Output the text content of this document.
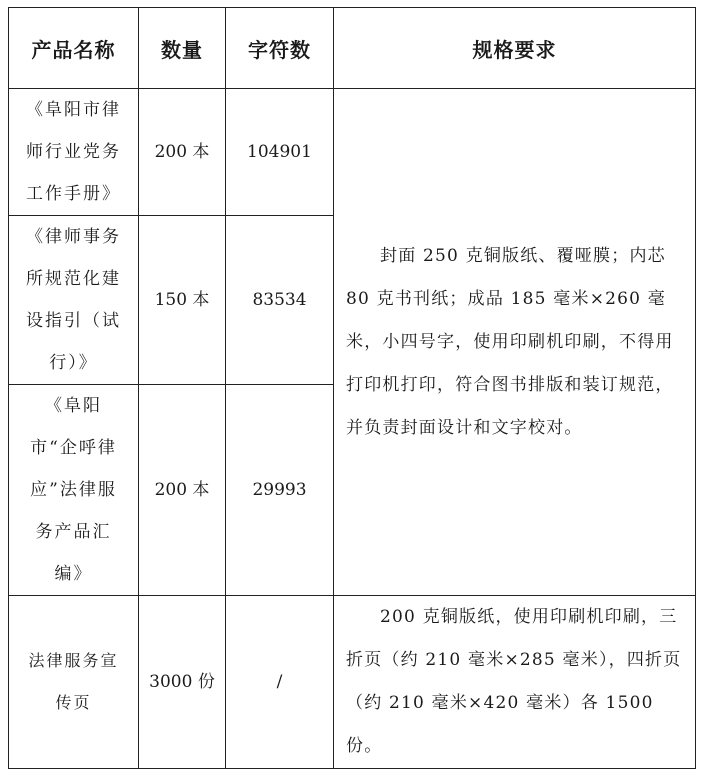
产品名称	数量	字符数	规格要求
《阜阳市律师行业党务工作手册》	200 本	104901	封面 250 克铜版纸、覆哑膜；内芯 80 克书刊纸；成品 185 毫米×260 毫米，小四号字，使用印刷机印刷，不得用打印机打印，符合图书排版和装订规范，并负责封面设计和文字校对。
《律师事务所规范化建设指引（试行）》	150 本	83534	
《阜阳市“企呼律应”法律服务产品汇编》	200 本	29993	
法律服务宣传页	3000 份	/	200 克铜版纸，使用印刷机印刷，三折页（约 210 毫米×285 毫米），四折页（约 210 毫米×420 毫米）各 1500 份。
